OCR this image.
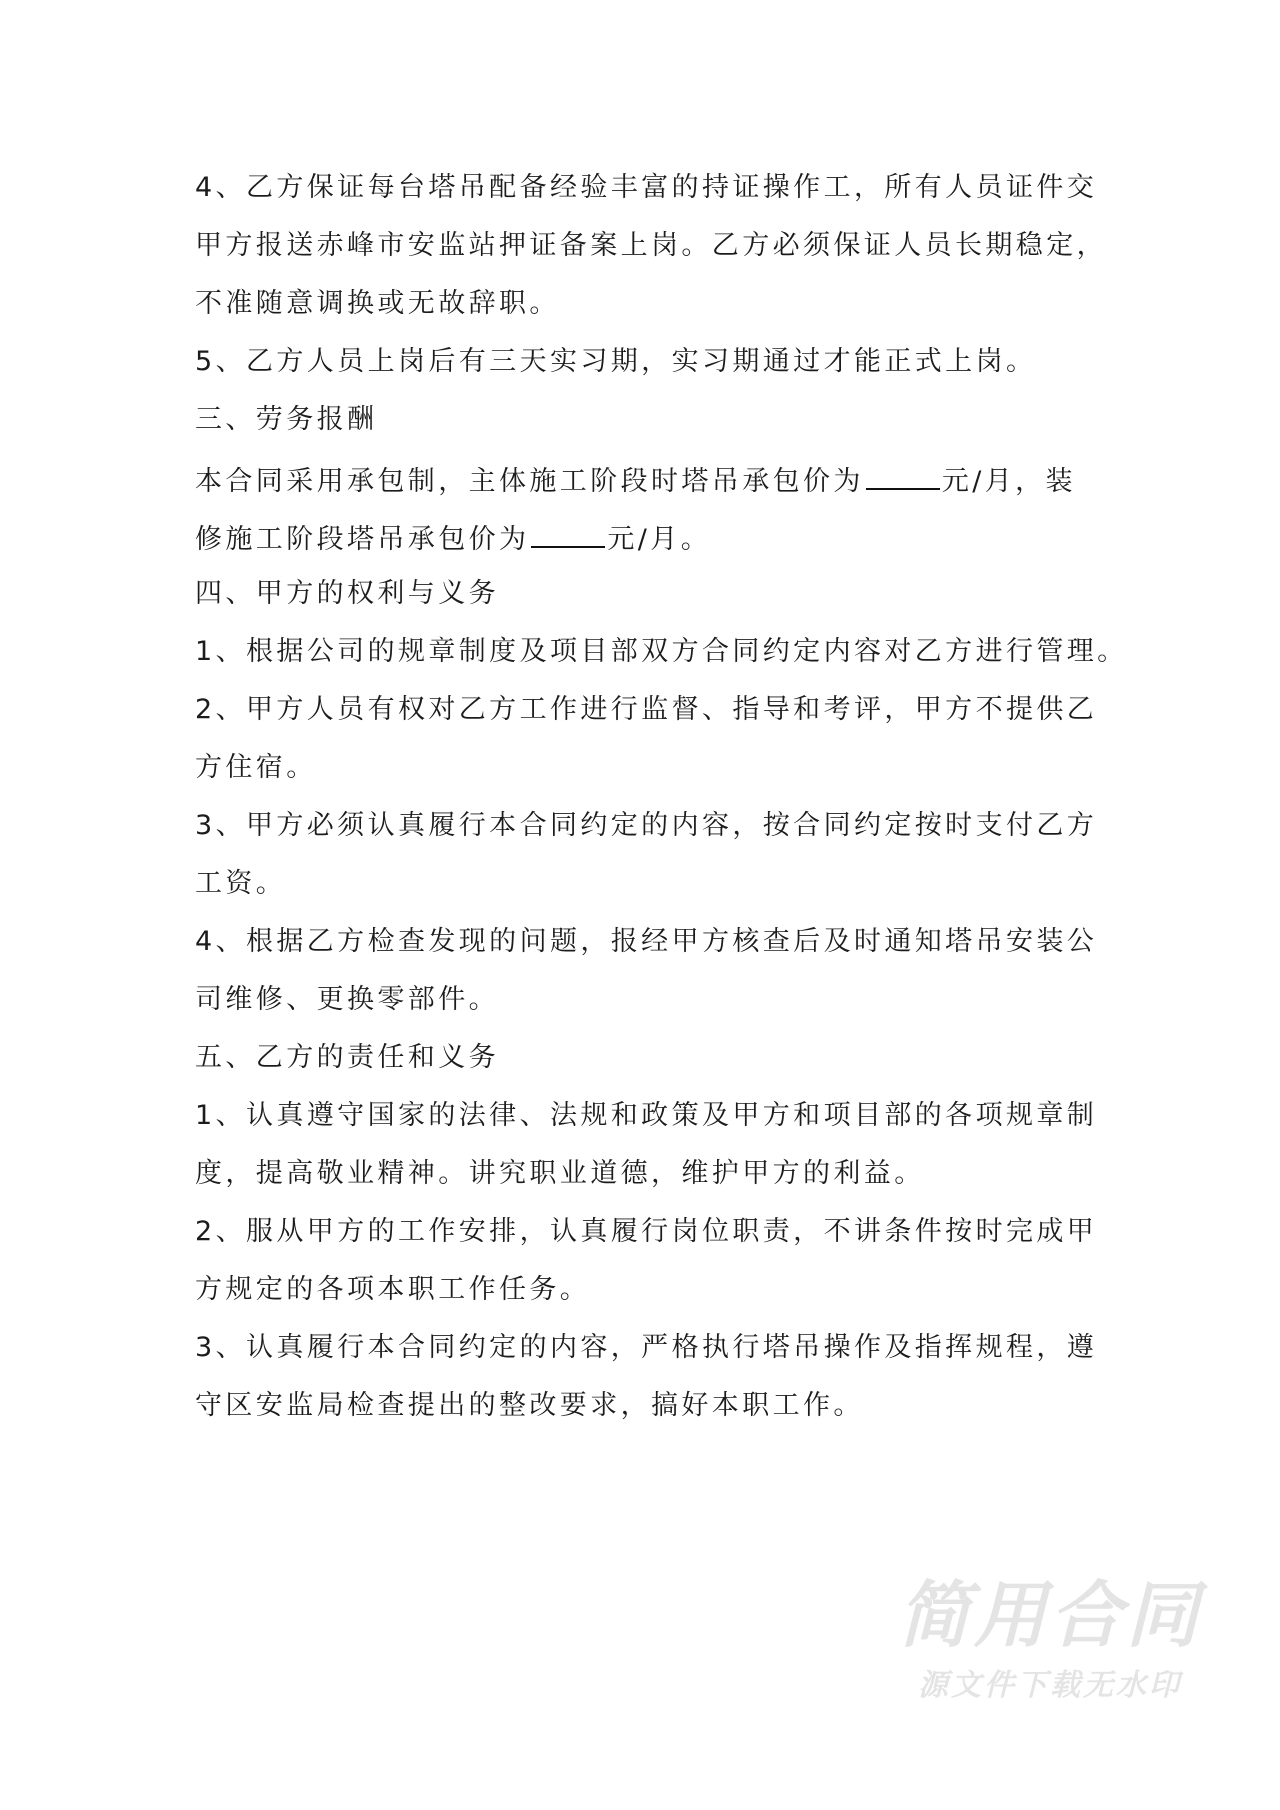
4、乙方保证每台塔吊配备经验丰富的持证操作工，所有人员证件交
甲方报送赤峰市安监站押证备案上岗。乙方必须保证人员长期稳定，
不准随意调换或无故辞职。
5、乙方人员上岗后有三天实习期，实习期通过才能正式上岗。
三、劳务报酬
本合同采用承包制，主体施工阶段时塔吊承包价为	元/月，装
修施工阶段塔吊承包价为	元/月。
四、甲方的权利与义务
1、根据公司的规章制度及项目部双方合同约定内容对乙方进行管理。
2、甲方人员有权对乙方工作进行监督、指导和考评，甲方不提供乙
方住宿。
3、甲方必须认真履行本合同约定的内容，按合同约定按时支付乙方
工资。
4、根据乙方检查发现的问题，报经甲方核查后及时通知塔吊安装公
司维修、更换零部件。
五、乙方的责任和义务
1、认真遵守国家的法律、法规和政策及甲方和项目部的各项规章制
度，提高敬业精神。讲究职业道德，维护甲方的利益。
2、服从甲方的工作安排，认真履行岗位职责，不讲条件按时完成甲
方规定的各项本职工作任务。
3、认真履行本合同约定的内容，严格执行塔吊操作及指挥规程，遵
守区安监局检查提出的整改要求，搞好本职工作。
简用合同
源文件下载无水印
